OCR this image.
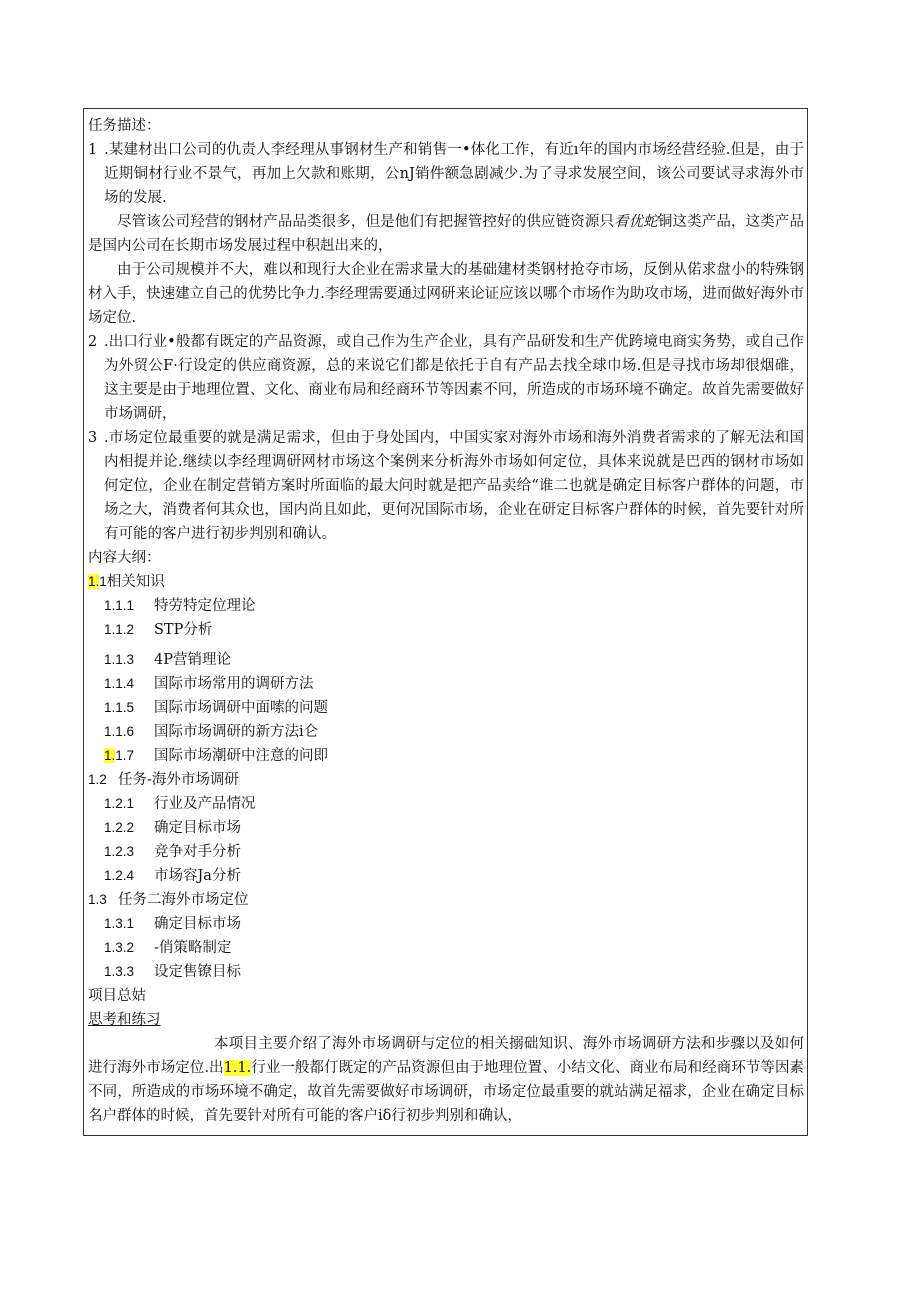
任务描述：

1 .某建材出口公司的仇责人李经理从事钢材生产和销售一•体化工作，有近ı年的国内市场经营经验.但是，由于近期铜材行业不景气，再加上欠款和账期，公nJ销件额急剧减少.为了寻求发展空间，该公司要试寻求海外市场的发展.

尽管该公司羟营的钢材产品品类很多，但是他们有把握管控好的供应链资源只看优蛇铜这类产品，这类产品是国内公司在长期市场发展过程中积赳出来的，

由于公司规模并不大，难以和现行大企业在需求量大的基础建材类钢材抢夺市场，反倒从偌求盘小的特殊钢材入手，快速建立自己的优势比争力.李经理需要通过网研来论证应该以哪个市场作为助攻市场，进而做好海外市场定位.

2 .出口行业•般都有既定的产品资源，或自己作为生产企业，具有产品研发和生产优跨境电商实务势，或自己作为外贸公F·行设定的供应商资源，总的来说它们都是依托于自有产品去找全球巾场.但是寻找市场却很烟碓，这主要是由于地理位置、文化、商业布局和经商环节等因素不冋，所造成的市场环境不确定。故首先需要做好市场调研，
3 .市场定位最重要的就是满足需求，但由于身处国内，中国实家对海外市场和海外消费者需求的了解无法和国内相提并论.继续以李经理调研网材市场这个案例来分析海外市场如何定位，具体来说就是巴西的钢材市场如何定位，企业在制定营销方案时所面临的最大问时就是把产品卖给“谁二也就是确定目标客户群体的问题，市场之大，消费者何其众也，国内尚且如此，更何况国际市场，企业在研定目标客户群体的时候，首先要针对所有可能的客户进行初步判别和确认。

内容大纲：

1.1相关知识

1.1.1	特劳特定位理论
1.1.2	STP分析
1.1.3	4P营销理论
1.1.4	国际市场常用的调研方法
1.1.5	国际市场调研中面嗦的问题
1.1.6	国际市场调研的新方法i仑
1.1.7	国际市场潮研中注意的问即

1.2 任务-海外市场调研

1.2.1	行业及产品情况
1.2.2	确定目标市场
1.2.3	竞争对手分析
1.2.4	市场容Ja分析

1.3 任务二海外市场定位

1.3.1	确定目标市场
1.3.2	-俏策略制定
1.3.3	设定售镣目标

项目总姑

思考和练习

本项目主要介绍了海外市场调研与定位的相关搦础知识、海外市场调研方法和步骤以及如何进行海外市场定位.出1.1.行业一般都仃既定的产品资源但由于地理位置、小结文化、商业布局和经商环节等因素不同，所造成的市场环境不确定，故首先需要做好市场调研，市场定位最重要的就站满足福求，企业在确定目标名户群体的时候，首先要针对所有可能的客户iδ行初步判别和确认，
